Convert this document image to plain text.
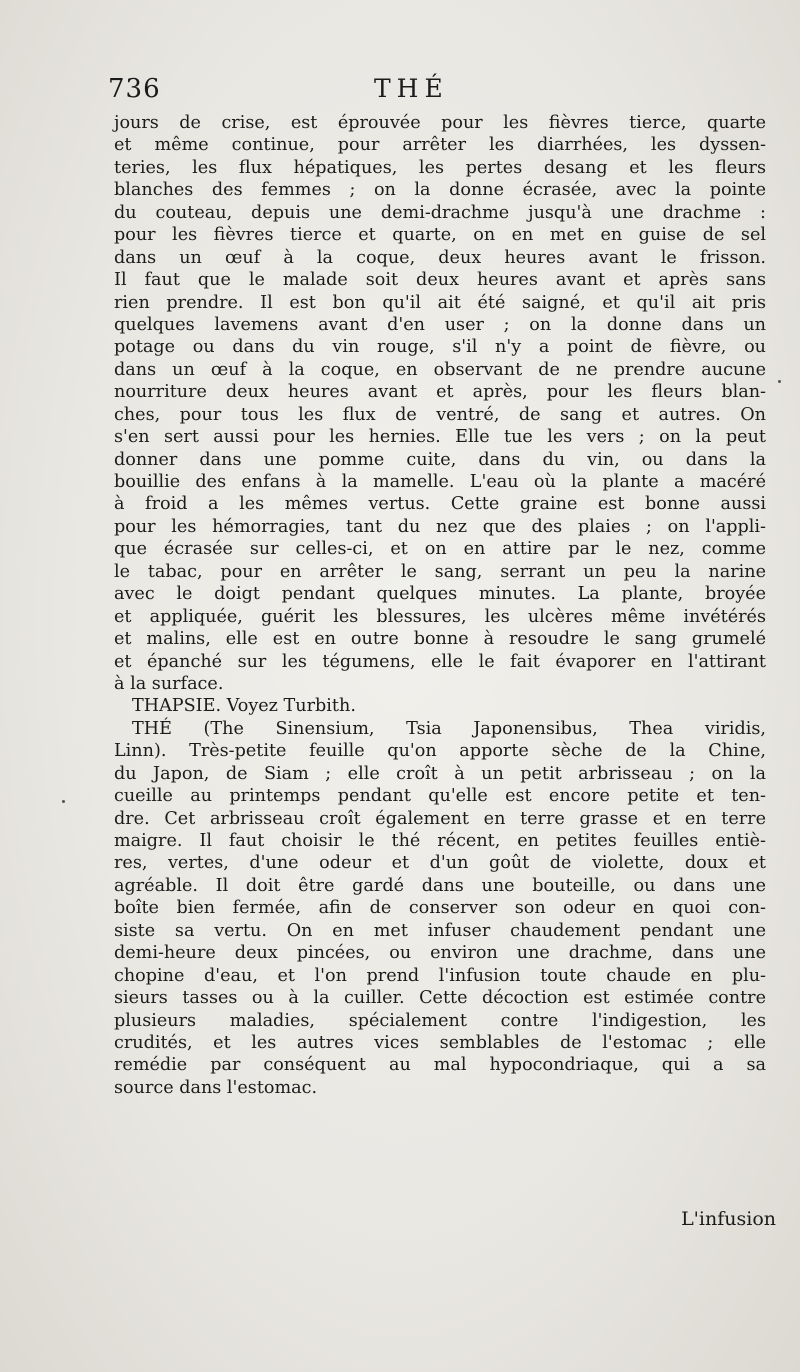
736	THÉ
jours de crise, est éprouvée pour les fièvres tierce, quarte
et même continue, pour arrêter les diarrhées, les dyssen-
teries, les flux hépatiques, les pertes desang et les fleurs
blanches des femmes ; on la donne écrasée, avec la pointe
du couteau, depuis une demi-drachme jusqu'à une drachme :
pour les fièvres tierce et quarte, on en met en guise de sel
dans un œuf à la coque, deux heures avant le frisson.
Il faut que le malade soit deux heures avant et après sans
rien prendre. Il est bon qu'il ait été saigné, et qu'il ait pris
quelques lavemens avant d'en user ; on la donne dans un
potage ou dans du vin rouge, s'il n'y a point de fièvre, ou
dans un œuf à la coque, en observant de ne prendre aucune
nourriture deux heures avant et après, pour les fleurs blan-
ches, pour tous les flux de ventré, de sang et autres. On
s'en sert aussi pour les hernies. Elle tue les vers ; on la peut
donner dans une pomme cuite, dans du vin, ou dans la
bouillie des enfans à la mamelle. L'eau où la plante a macéré
à froid a les mêmes vertus. Cette graine est bonne aussi
pour les hémorragies, tant du nez que des plaies ; on l'appli-
que écrasée sur celles-ci, et on en attire par le nez, comme
le tabac, pour en arrêter le sang, serrant un peu la narine
avec le doigt pendant quelques minutes. La plante, broyée
et appliquée, guérit les blessures, les ulcères même invétérés
et malins, elle est en outre bonne à resoudre le sang grumelé
et épanché sur les tégumens, elle le fait évaporer en l'attirant
à la surface.
THAPSIE. Voyez Turbith.
THÉ (The Sinensium, Tsia Japonensibus, Thea viridis,
Linn). Très-petite feuille qu'on apporte sèche de la Chine,
du Japon, de Siam ; elle croît à un petit arbrisseau ; on la
cueille au printemps pendant qu'elle est encore petite et ten-
dre. Cet arbrisseau croît également en terre grasse et en terre
maigre. Il faut choisir le thé récent, en petites feuilles entiè-
res, vertes, d'une odeur et d'un goût de violette, doux et
agréable. Il doit être gardé dans une bouteille, ou dans une
boîte bien fermée, afin de conserver son odeur en quoi con-
siste sa vertu. On en met infuser chaudement pendant une
demi-heure deux pincées, ou environ une drachme, dans une
chopine d'eau, et l'on prend l'infusion toute chaude en plu-
sieurs tasses ou à la cuiller. Cette décoction est estimée contre
plusieurs maladies, spécialement contre l'indigestion, les
crudités, et les autres vices semblables de l'estomac ; elle
remédie par conséquent au mal hypocondriaque, qui a sa
source dans l'estomac.
L'infusion
